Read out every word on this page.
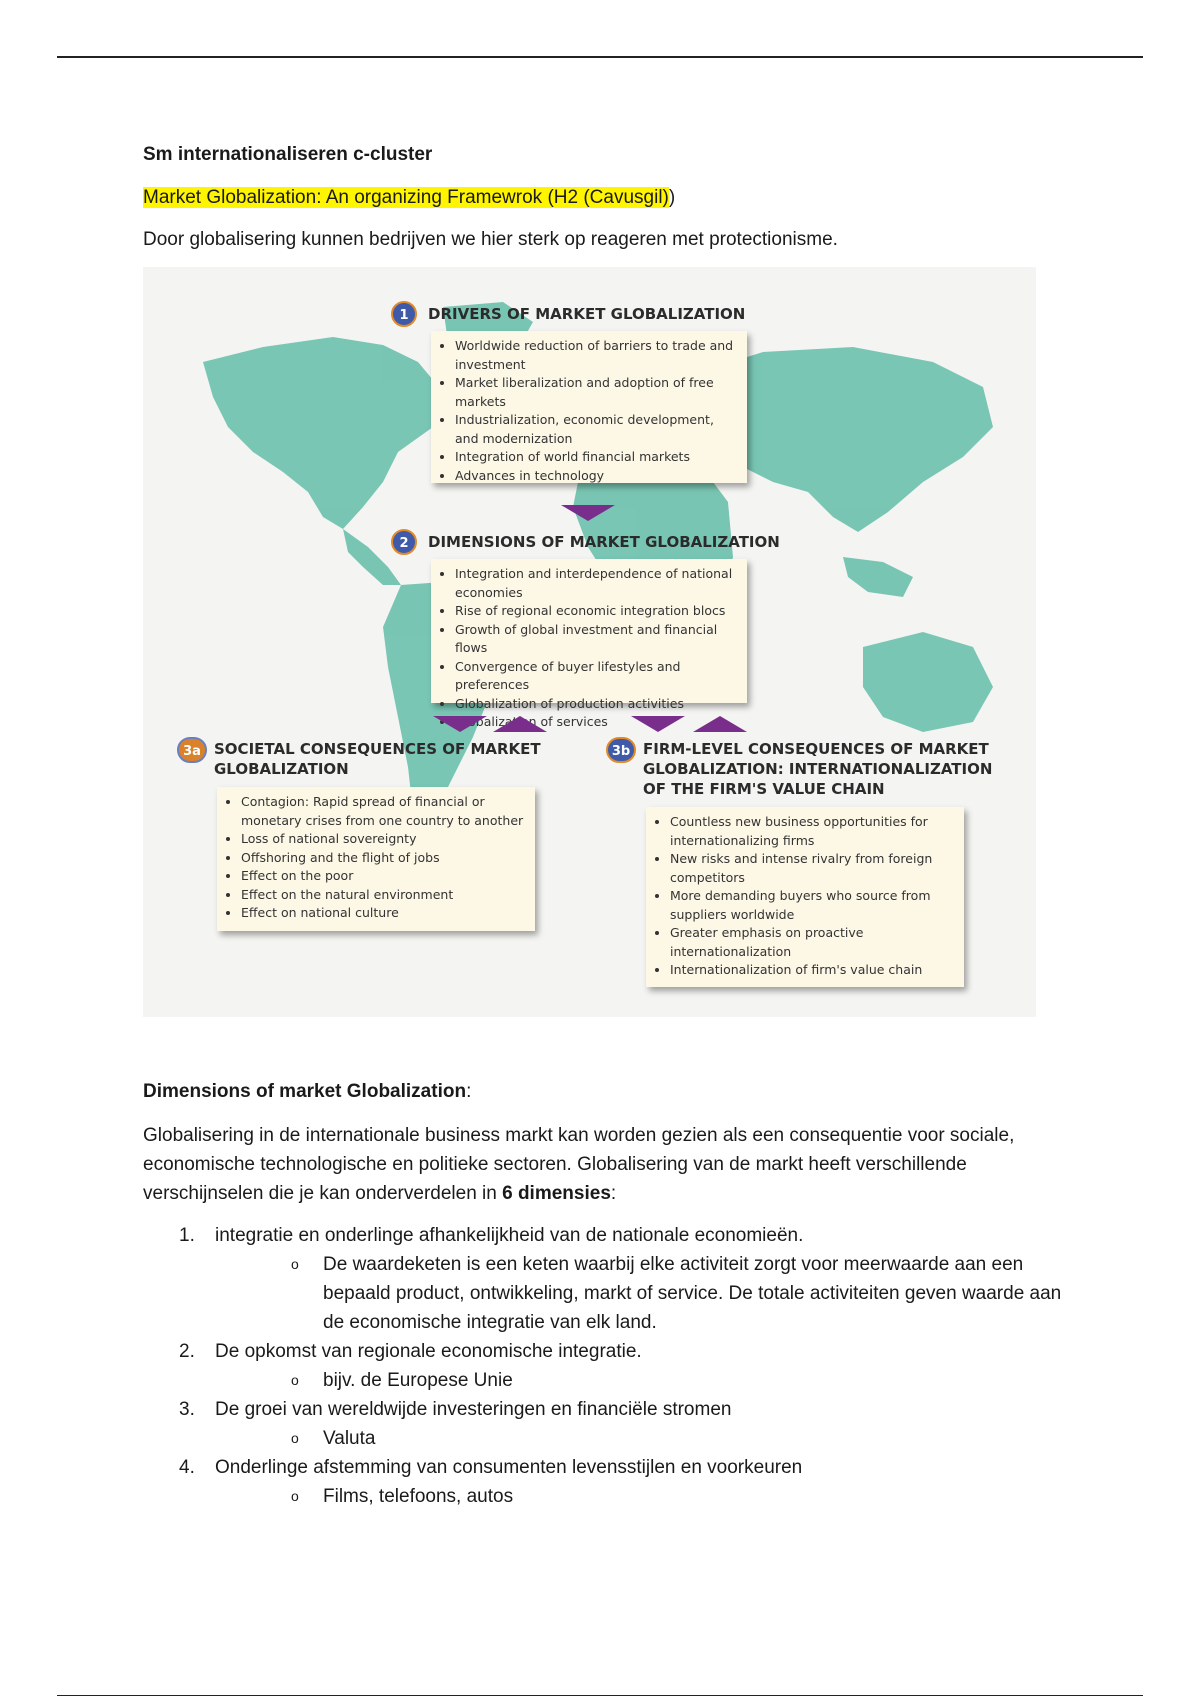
Sm internationaliseren c-cluster

Market Globalization: An organizing Framewrok (H2 (Cavusgil))

Door globalisering kunnen bedrijven we hier sterk op reageren met protectionisme.

1	DRIVERS OF MARKET GLOBALIZATION
• Worldwide reduction of barriers to trade and investment
• Market liberalization and adoption of free markets
• Industrialization, economic development, and modernization
• Integration of world financial markets
• Advances in technology
2	DIMENSIONS OF MARKET GLOBALIZATION
• Integration and interdependence of national economies
• Rise of regional economic integration blocs
• Growth of global investment and financial flows
• Convergence of buyer lifestyles and preferences
• Globalization of production activities
• Globalization of services
3a SOCIETAL CONSEQUENCES OF MARKET
GLOBALIZATION
• Contagion: Rapid spread of financial or monetary crises from one country to another
• Loss of national sovereignty
• Offshoring and the flight of jobs
• Effect on the poor
• Effect on the natural environment
• Effect on national culture
3b FIRM-LEVEL CONSEQUENCES OF MARKET
GLOBALIZATION: INTERNATIONALIZATION
OF THE FIRM'S VALUE CHAIN
• Countless new business opportunities for internationalizing firms
• New risks and intense rivalry from foreign competitors
• More demanding buyers who source from suppliers worldwide
• Greater emphasis on proactive internationalization
• Internationalization of firm's value chain

Dimensions of market Globalization:

Globalisering in de internationale business markt kan worden gezien als een consequentie voor sociale, economische technologische en politieke sectoren. Globalisering van de markt heeft verschillende verschijnselen die je kan onderverdelen in 6 dimensies:

1. integratie en onderlinge afhankelijkheid van de nationale economieën.
o De waardeketen is een keten waarbij elke activiteit zorgt voor meerwaarde aan een bepaald product, ontwikkeling, markt of service. De totale activiteiten geven waarde aan de economische integratie van elk land.
2. De opkomst van regionale economische integratie.
o bijv. de Europese Unie
3. De groei van wereldwijde investeringen en financiële stromen
o Valuta
4. Onderlinge afstemming van consumenten levensstijlen en voorkeuren
o Films, telefoons, autos
